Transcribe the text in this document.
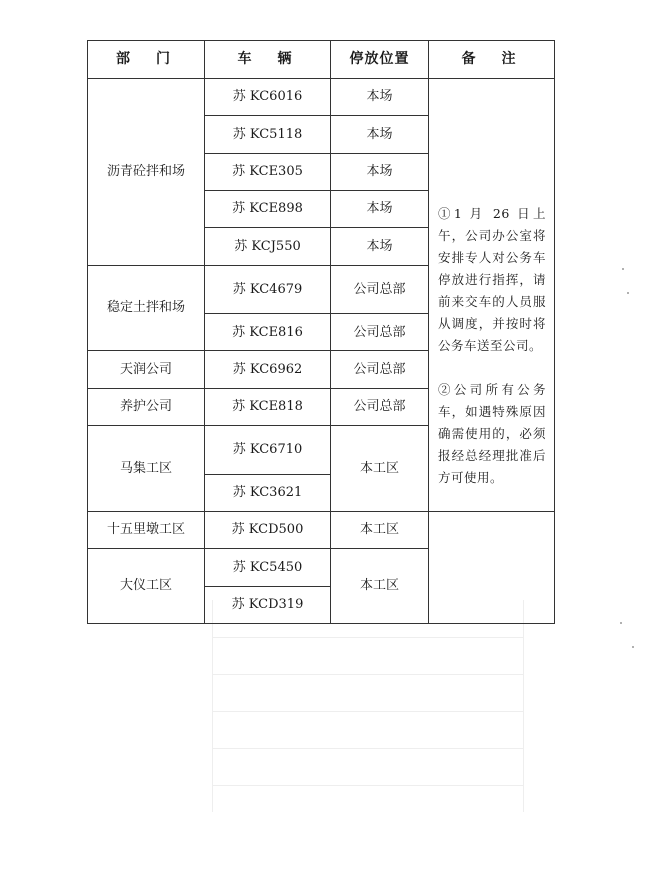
部　门	车　辆	停放位置	备　注
沥青砼拌和场	苏 KC6016	本场	①1 月 26 日上午，公司办公室将安排专人对公务车停放进行指挥，请前来交车的人员服从调度，并按时将公务车送至公司。

②公司所有公务车，如遇特殊原因确需使用的，必须报经总经理批准后方可使用。

	苏 KC5118	本场	
	苏 KCE305	本场	
	苏 KCE898	本场	
	苏 KCJ550	本场	
稳定土拌和场	苏 KC4679	公司总部	
	苏 KCE816	公司总部	
天润公司	苏 KC6962	公司总部	
养护公司	苏 KCE818	公司总部	
马集工区	苏 KC6710	本工区	
	苏 KC3621		
十五里墩工区	苏 KCD500	本工区	
大仪工区	苏 KC5450	本工区	
	苏 KCD319		
